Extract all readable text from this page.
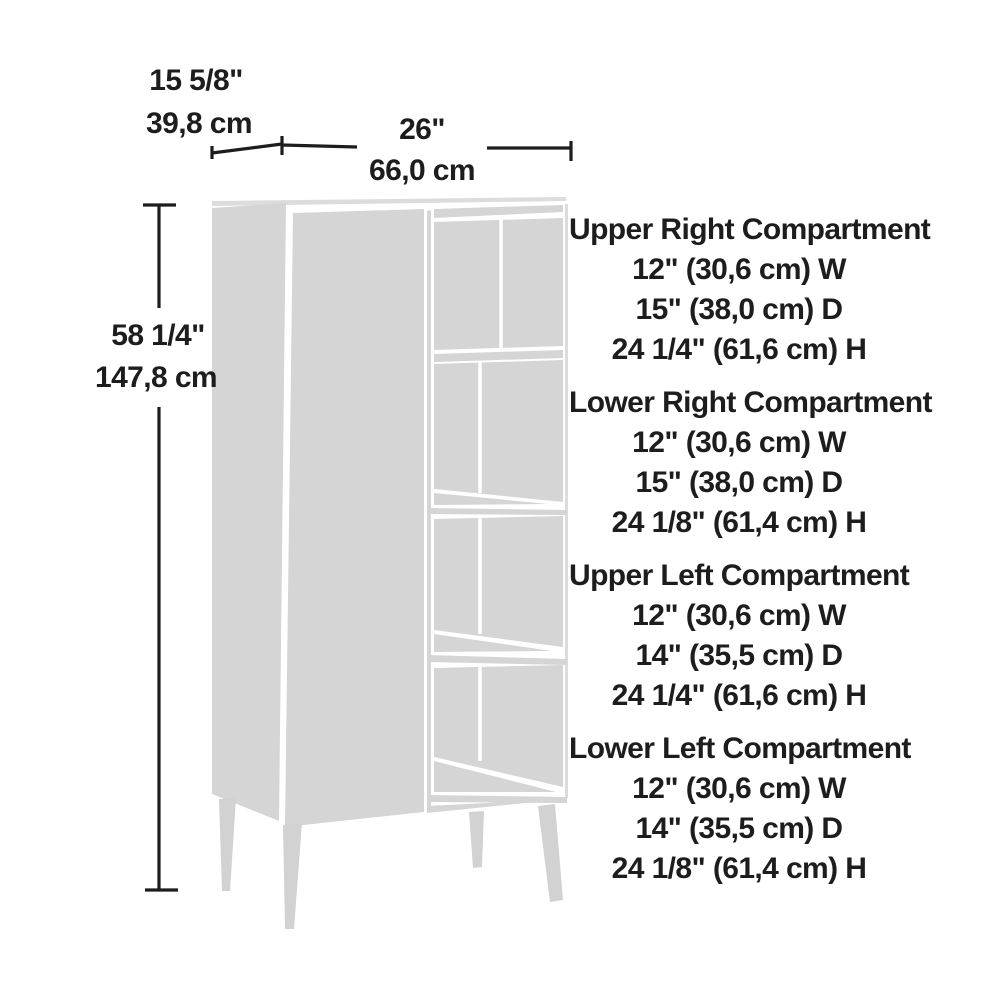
15 5/8"
39,8 cm	26"
66,0 cm
58 1/4"
147,8 cm
Upper Right Compartment
12" (30,6 cm) W
15" (38,0 cm) D
24 1/4" (61,6 cm) H
Lower Right Compartment
12" (30,6 cm) W
15" (38,0 cm) D
24 1/8" (61,4 cm) H
Upper Left Compartment
12" (30,6 cm) W
14" (35,5 cm) D
24 1/4" (61,6 cm) H
Lower Left Compartment
12" (30,6 cm) W
14" (35,5 cm) D
24 1/8" (61,4 cm) H
